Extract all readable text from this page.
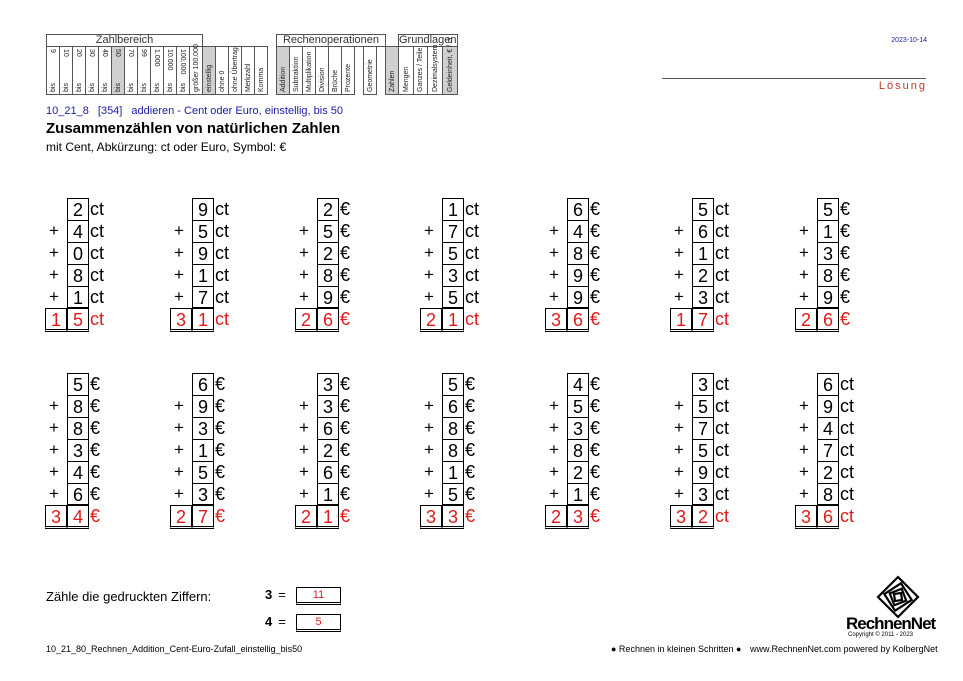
Zahlbereich																		Rechenoperationen										Grundlagen			

9
bis	10
bis	20
bis	30
bis	40
bis	50
bis	70
bis	99
bis	1.000
bis	10.000
bis	100.000
bis	größer 100.000	einstellig	ohne 0	ohne Übertrag	Merkzahl	Komma		Addition	Subtraktion	Multiplikation	Division	Brüche	Prozente		Geometrie		Zahlen	Mengen	Ganzes / Teile	Dezimalsystem	Geldeinheit, € / ct	2023-10-14
Lösung
10_21_8 [354] addieren - Cent oder Euro, einstellig, bis 50
Zusammenzählen von natürlichen Zahlen
mit Cent, Abkürzung: ct oder Euro, Symbol: €
2 ct
+ 4 ct
+ 0 ct
+ 8 ct
+ 1 ct
1 5 ct
9 ct
+ 5 ct
+ 9 ct
+ 1 ct
+ 7 ct
3 1 ct
2 €
+ 5 €
+ 2 €
+ 8 €
+ 9 €
2 6 €
1 ct
+ 7 ct
+ 5 ct
+ 3 ct
+ 5 ct
2 1 ct
6 €
+ 4 €
+ 8 €
+ 9 €
+ 9 €
3 6 €
5 ct
+ 6 ct
+ 1 ct
+ 2 ct
+ 3 ct
1 7 ct
5 €
+ 1 €
+ 3 €
+ 8 €
+ 9 €
2 6 €
5 €
+ 8 €
+ 8 €
+ 3 €
+ 4 €
+ 6 €
3 4 €
6 €
+ 9 €
+ 3 €
+ 1 €
+ 5 €
+ 3 €
2 7 €
3 €
+ 3 €
+ 6 €
+ 2 €
+ 6 €
+ 1 €
2 1 €
5 €
+ 6 €
+ 8 €
+ 8 €
+ 1 €
+ 5 €
3 3 €
4 €
+ 5 €
+ 3 €
+ 8 €
+ 2 €
+ 1 €
2 3 €
3 ct
+ 5 ct
+ 7 ct
+ 5 ct
+ 9 ct
+ 3 ct
3 2 ct
6 ct
+ 9 ct
+ 4 ct
+ 7 ct
+ 2 ct
+ 8 ct
3 6 ct
Zähle die gedruckten Ziffern:	3 =	11
4 =	5
10_21_80_Rechnen_Addition_Cent-Euro-Zufall_einstellig_bis50	● Rechnen in kleinen Schritten ● www.RechnenNet.com powered by KolbergNet
RechnenNet
Copyright © 2011 - 2023
